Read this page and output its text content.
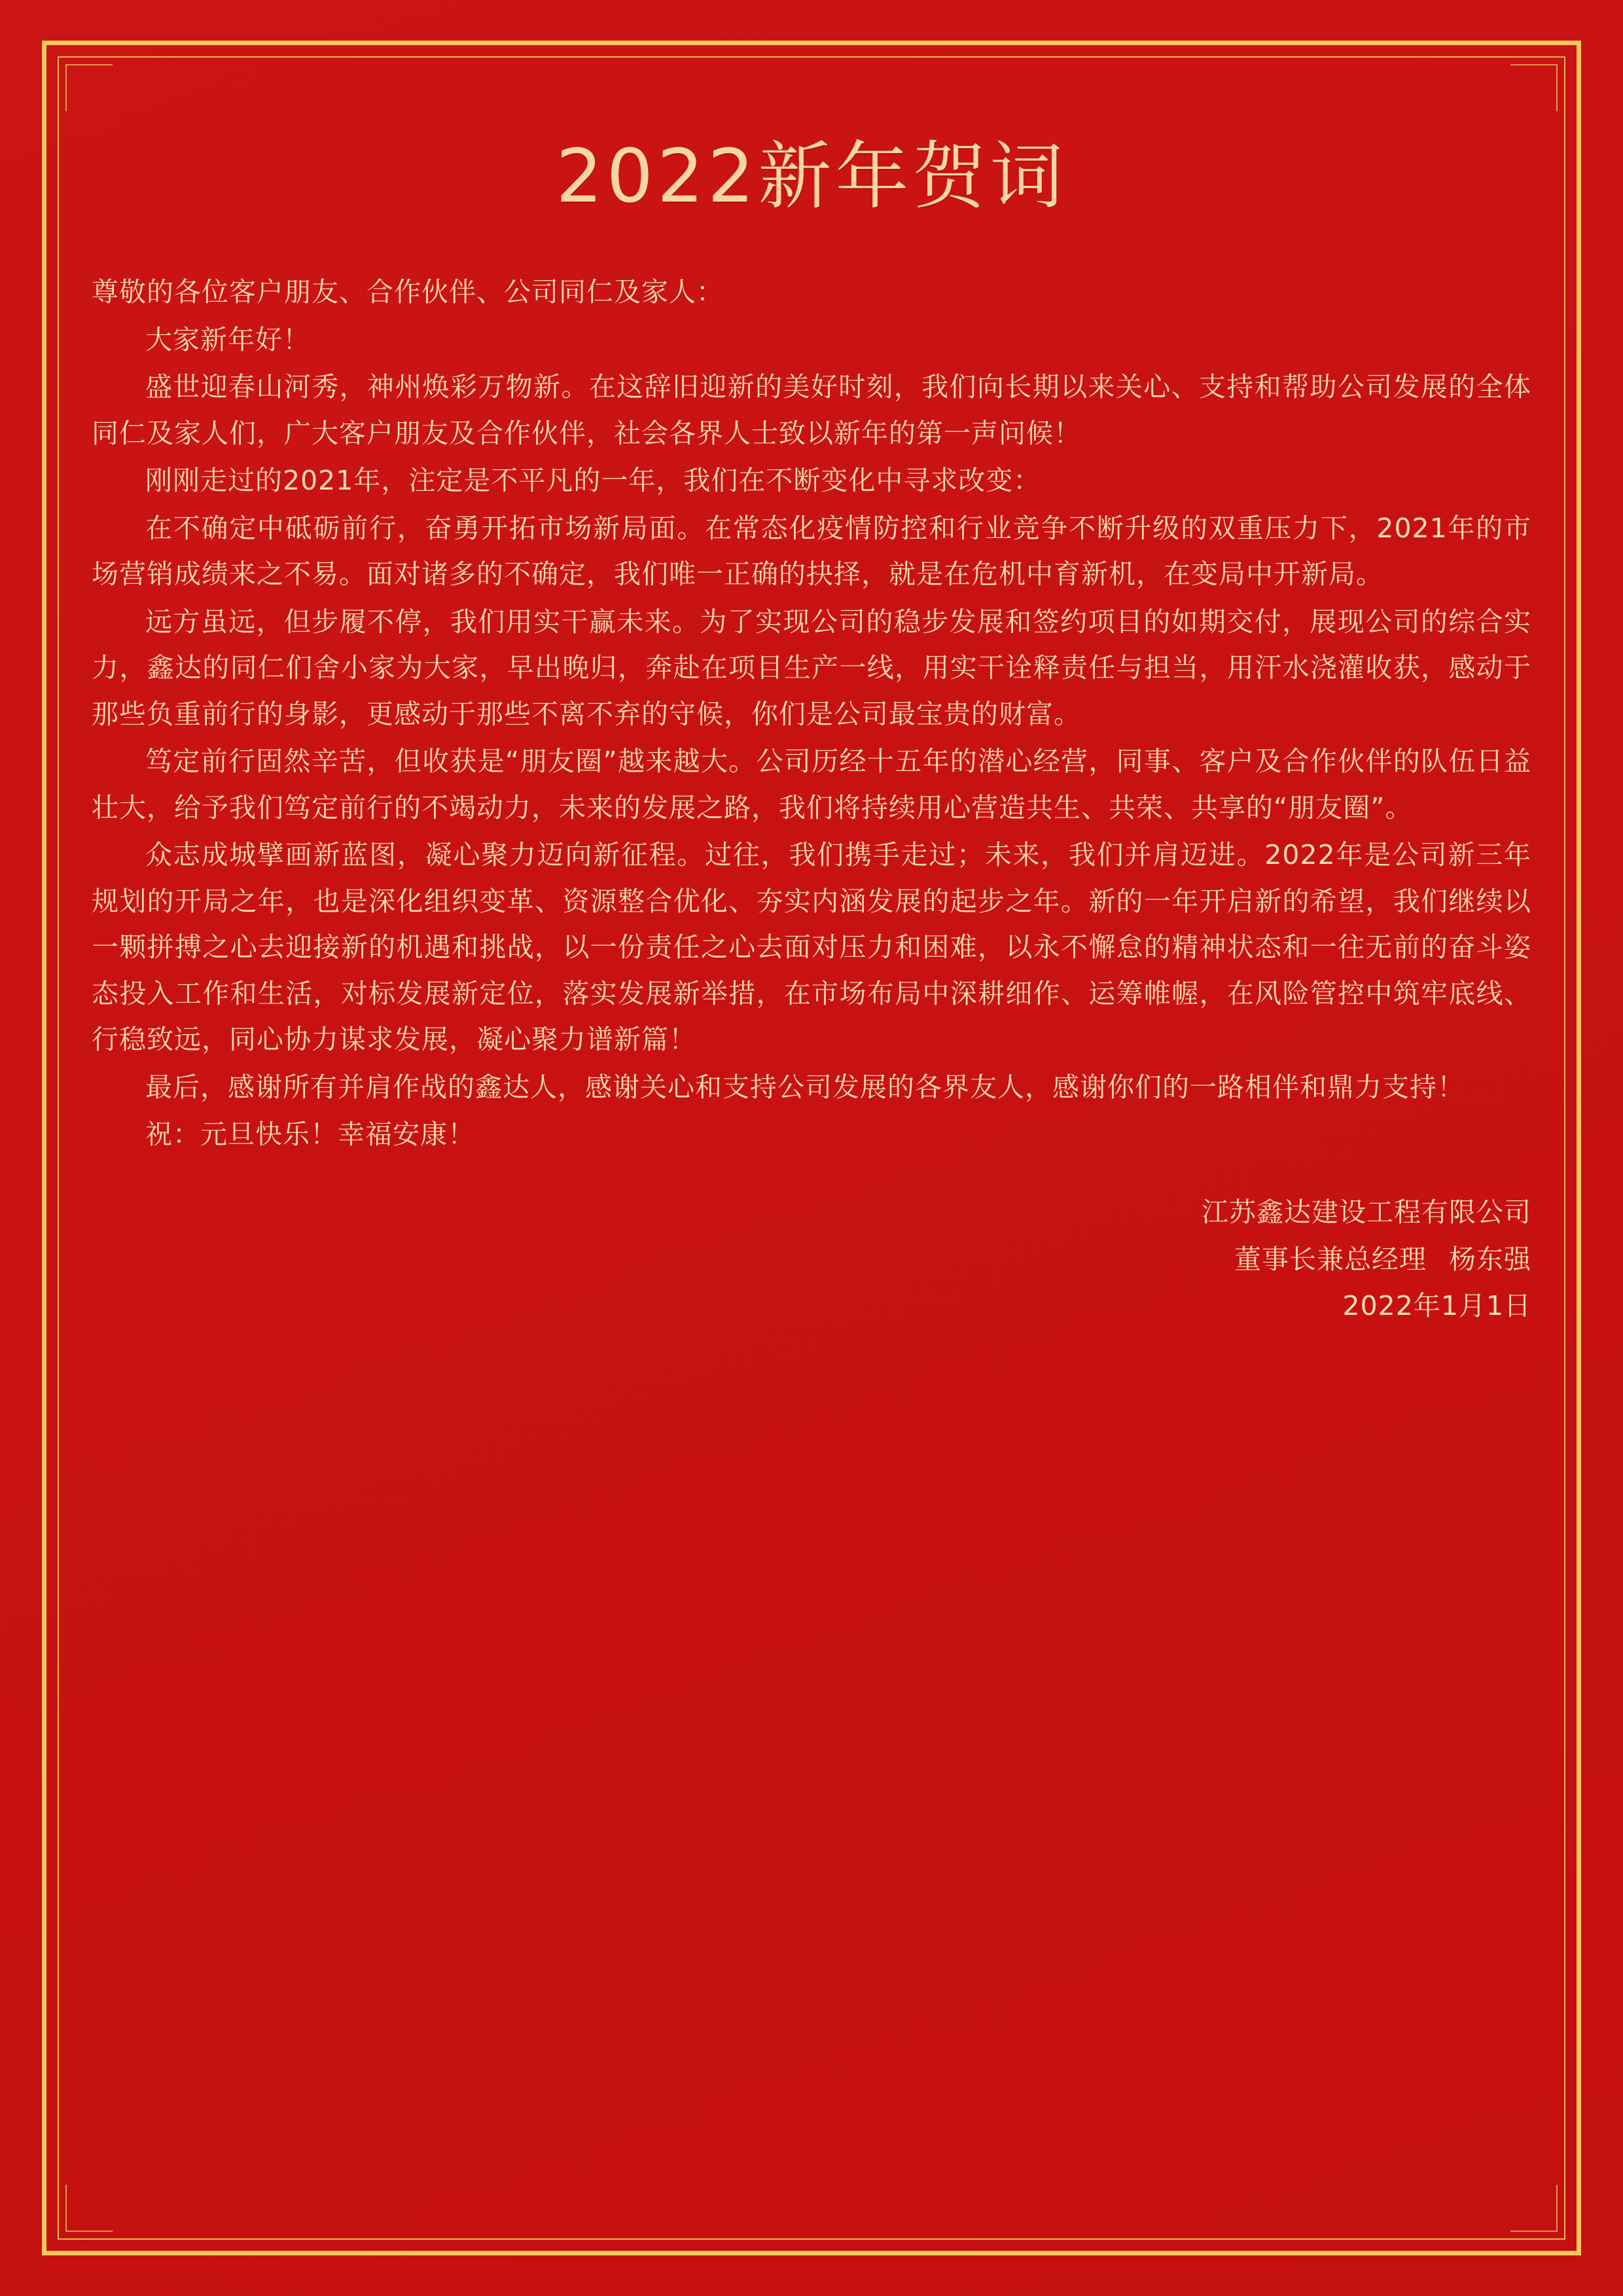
2022新年贺词

尊敬的各位客户朋友、合作伙伴、公司同仁及家人：

大家新年好！

盛世迎春山河秀，神州焕彩万物新。在这辞旧迎新的美好时刻，我们向长期以来关心、支持和帮助公司发展的全体同仁及家人们，广大客户朋友及合作伙伴，社会各界人士致以新年的第一声问候！

刚刚走过的2021年，注定是不平凡的一年，我们在不断变化中寻求改变：

在不确定中砥砺前行，奋勇开拓市场新局面。在常态化疫情防控和行业竞争不断升级的双重压力下，2021年的市场营销成绩来之不易。面对诸多的不确定，我们唯一正确的抉择，就是在危机中育新机，在变局中开新局。

远方虽远，但步履不停，我们用实干赢未来。为了实现公司的稳步发展和签约项目的如期交付，展现公司的综合实力，鑫达的同仁们舍小家为大家，早出晚归，奔赴在项目生产一线，用实干诠释责任与担当，用汗水浇灌收获，感动于那些负重前行的身影，更感动于那些不离不弃的守候，你们是公司最宝贵的财富。

笃定前行固然辛苦，但收获是“朋友圈”越来越大。公司历经十五年的潜心经营，同事、客户及合作伙伴的队伍日益壮大，给予我们笃定前行的不竭动力，未来的发展之路，我们将持续用心营造共生、共荣、共享的“朋友圈”。

众志成城擘画新蓝图，凝心聚力迈向新征程。过往，我们携手走过；未来，我们并肩迈进。2022年是公司新三年规划的开局之年，也是深化组织变革、资源整合优化、夯实内涵发展的起步之年。新的一年开启新的希望，我们继续以一颗拼搏之心去迎接新的机遇和挑战，以一份责任之心去面对压力和困难，以永不懈怠的精神状态和一往无前的奋斗姿态投入工作和生活，对标发展新定位，落实发展新举措，在市场布局中深耕细作、运筹帷幄，在风险管控中筑牢底线、行稳致远，同心协力谋求发展，凝心聚力谱新篇！

最后，感谢所有并肩作战的鑫达人，感谢关心和支持公司发展的各界友人，感谢你们的一路相伴和鼎力支持！

祝：元旦快乐！幸福安康！

江苏鑫达建设工程有限公司
董事长兼总经理 杨东强
2022年1月1日
